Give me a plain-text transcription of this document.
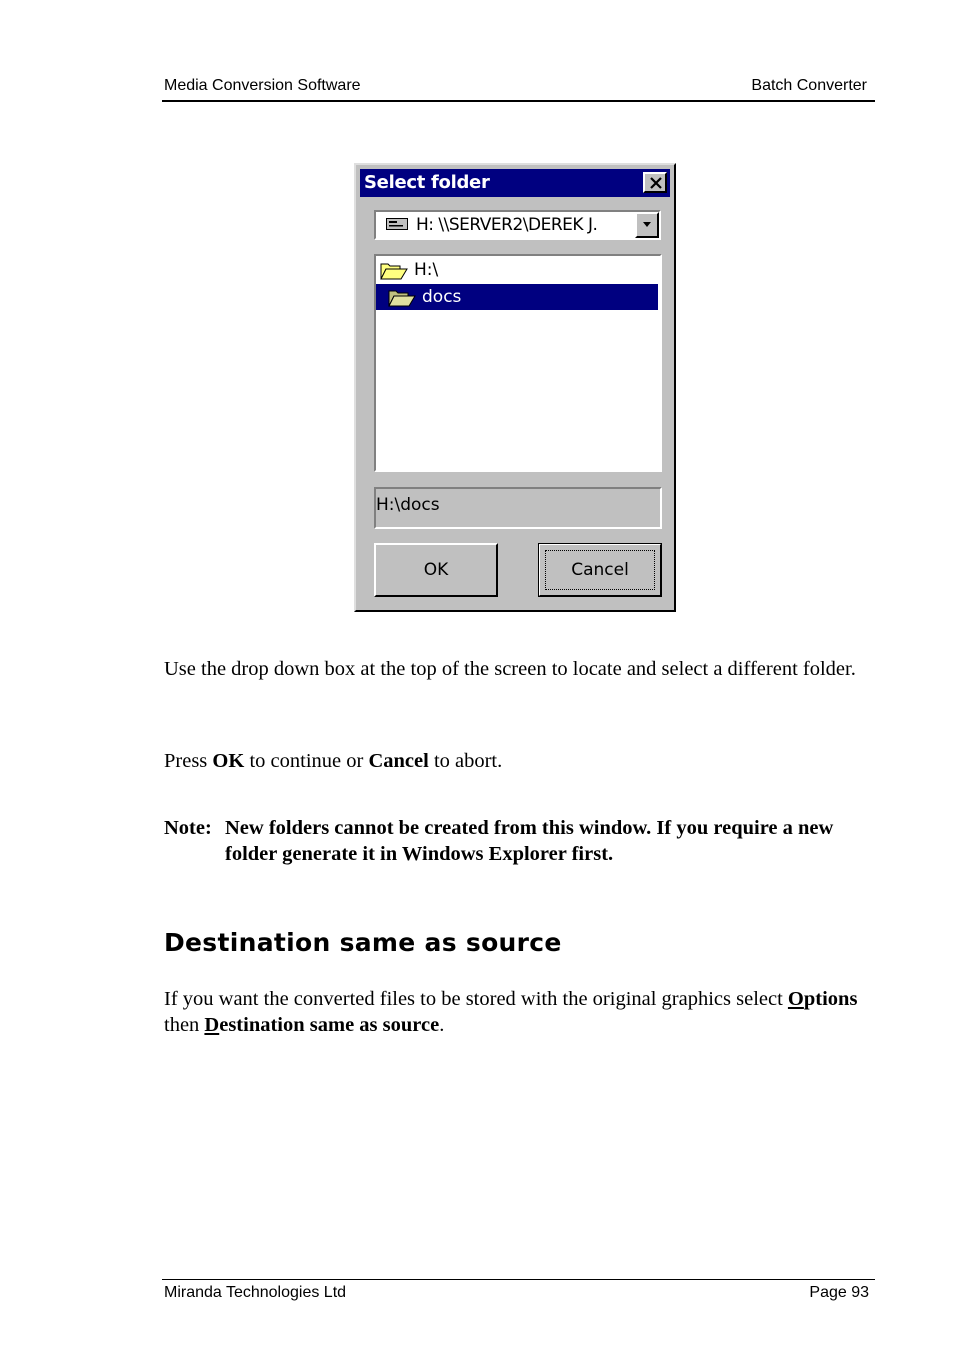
Media Conversion Software	Batch Converter
Select folder
H: \\SERVER2\DEREK J.
H:\
docs
H:\docs
OK	Cancel
Use the drop down box at the top of the screen to locate and select a different folder.
Press OK to continue or Cancel to abort.
Note: New folders cannot be created from this window. If you require a new folder generate it in Windows Explorer first.
Destination same as source
If you want the converted files to be stored with the original graphics select Options then Destination same as source.
Miranda Technologies Ltd	Page 93
